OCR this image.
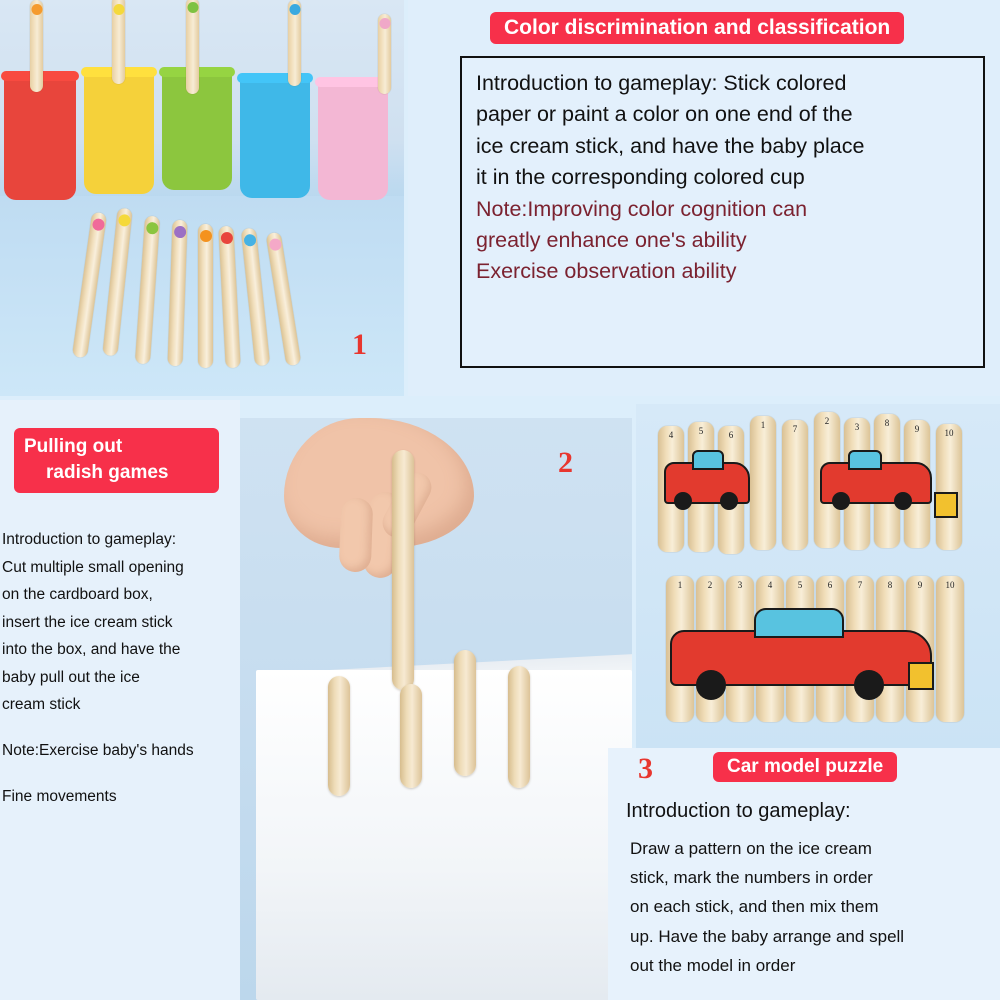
1
Color discrimination and classification

Introduction to gameplay: Stick colored

paper or paint a color on one end of the

ice cream stick, and have the baby place

it in the corresponding colored cup

Note:Improving color cognition can

greatly enhance one's ability

Exercise observation ability

Pulling out
radish games

Introduction to gameplay:

Cut multiple small opening

on the cardboard box,

insert the ice cream stick

into the box, and have the

baby pull out the ice

cream stick

Note:Exercise baby's hands

Fine movements

2
4	5	6
1	7
2
3	8
9	10
1	2	3	4	5	6	7	8	9	10
3	Car model puzzle
Introduction to gameplay:

Draw a pattern on the ice cream

stick, mark the numbers in order

on each stick, and then mix them

up. Have the baby arrange and spell

out the model in order
